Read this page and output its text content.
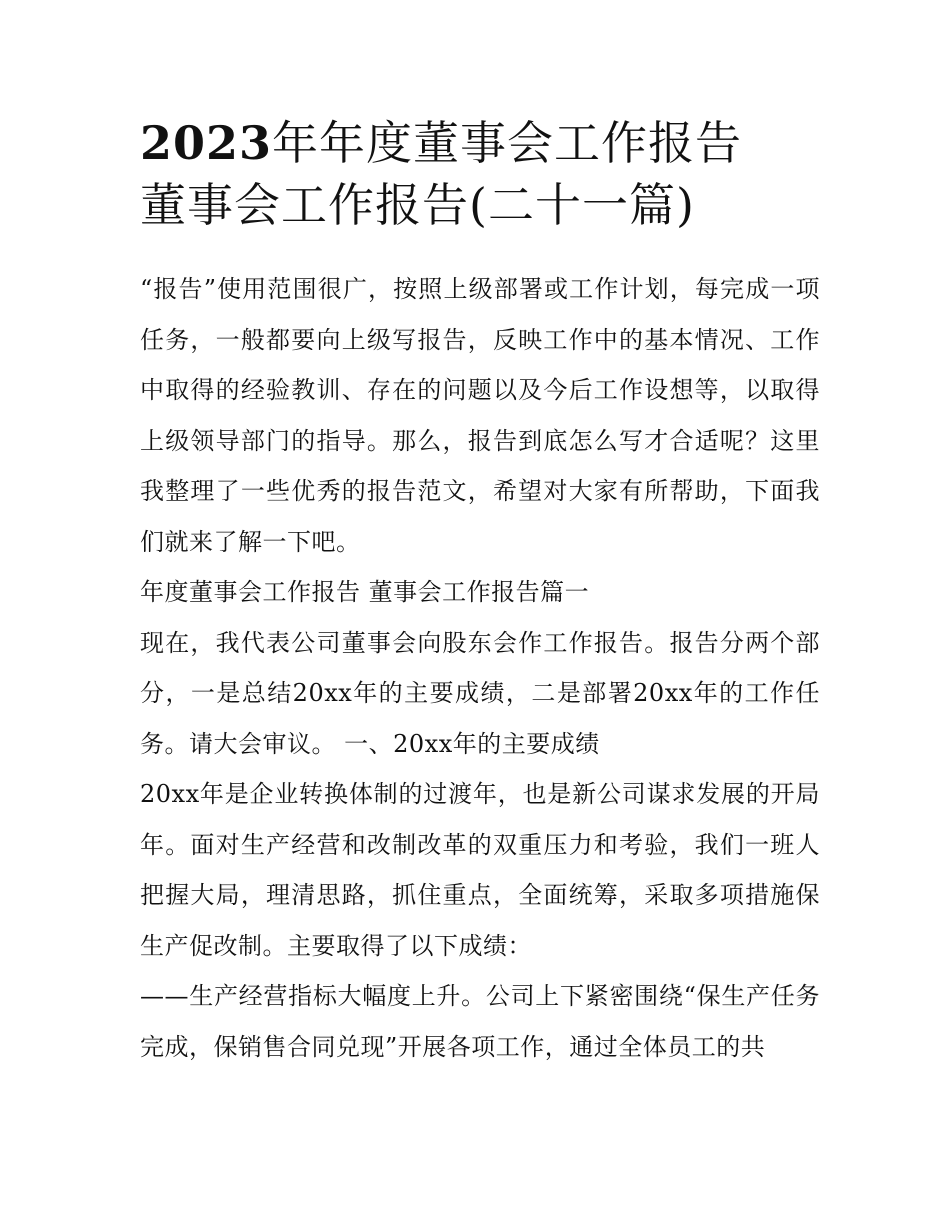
2023年年度董事会工作报告
董事会工作报告(二十一篇)

“报告”使用范围很广，按照上级部署或工作计划，每完成一项任务，一般都要向上级写报告，反映工作中的基本情况、工作中取得的经验教训、存在的问题以及今后工作设想等，以取得上级领导部门的指导。那么，报告到底怎么写才合适呢？这里我整理了一些优秀的报告范文，希望对大家有所帮助，下面我们就来了解一下吧。

年度董事会工作报告 董事会工作报告篇一

现在，我代表公司董事会向股东会作工作报告。报告分两个部分，一是总结20xx年的主要成绩，二是部署20xx年的工作任务。请大会审议。 一、20xx年的主要成绩

20xx年是企业转换体制的过渡年，也是新公司谋求发展的开局年。面对生产经营和改制改革的双重压力和考验，我们一班人把握大局，理清思路，抓住重点，全面统筹，采取多项措施保生产促改制。主要取得了以下成绩：

——生产经营指标大幅度上升。公司上下紧密围绕“保生产任务完成，保销售合同兑现”开展各项工作，通过全体员工的共
